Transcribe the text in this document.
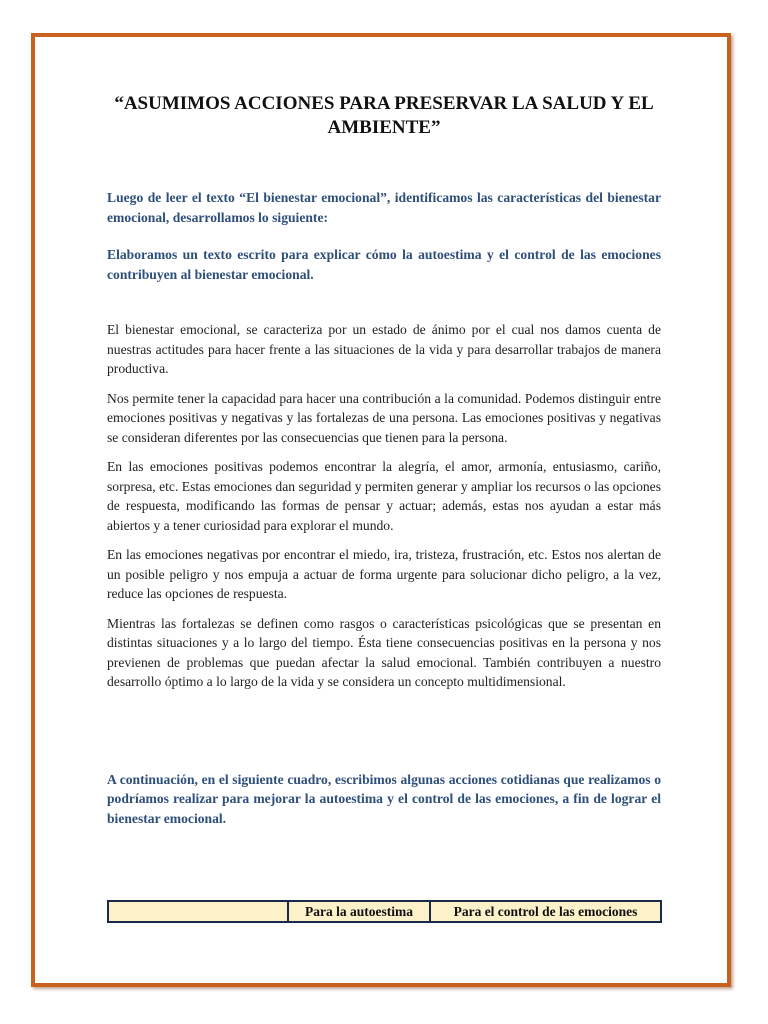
“ASUMIMOS ACCIONES PARA PRESERVAR LA SALUD Y EL AMBIENTE”

Luego de leer el texto “El bienestar emocional”, identificamos las características del bienestar emocional, desarrollamos lo siguiente:

Elaboramos un texto escrito para explicar cómo la autoestima y el control de las emociones contribuyen al bienestar emocional.

El bienestar emocional, se caracteriza por un estado de ánimo por el cual nos damos cuenta de nuestras actitudes para hacer frente a las situaciones de la vida y para desarrollar trabajos de manera productiva.

Nos permite tener la capacidad para hacer una contribución a la comunidad. Podemos distinguir entre emociones positivas y negativas y las fortalezas de una persona. Las emociones positivas y negativas se consideran diferentes por las consecuencias que tienen para la persona.

En las emociones positivas podemos encontrar la alegría, el amor, armonía, entusiasmo, cariño, sorpresa, etc. Estas emociones dan seguridad y permiten generar y ampliar los recursos o las opciones de respuesta, modificando las formas de pensar y actuar; además, estas nos ayudan a estar más abiertos y a tener curiosidad para explorar el mundo.

En las emociones negativas por encontrar el miedo, ira, tristeza, frustración, etc. Estos nos alertan de un posible peligro y nos empuja a actuar de forma urgente para solucionar dicho peligro, a la vez, reduce las opciones de respuesta.

Mientras las fortalezas se definen como rasgos o características psicológicas que se presentan en distintas situaciones y a lo largo del tiempo. Ésta tiene consecuencias positivas en la persona y nos previenen de problemas que puedan afectar la salud emocional. También contribuyen a nuestro desarrollo óptimo a lo largo de la vida y se considera un concepto multidimensional.

A continuación, en el siguiente cuadro, escribimos algunas acciones cotidianas que realizamos o podríamos realizar para mejorar la autoestima y el control de las emociones, a fin de lograr el bienestar emocional.

	Para la autoestima	Para el control de las emociones
